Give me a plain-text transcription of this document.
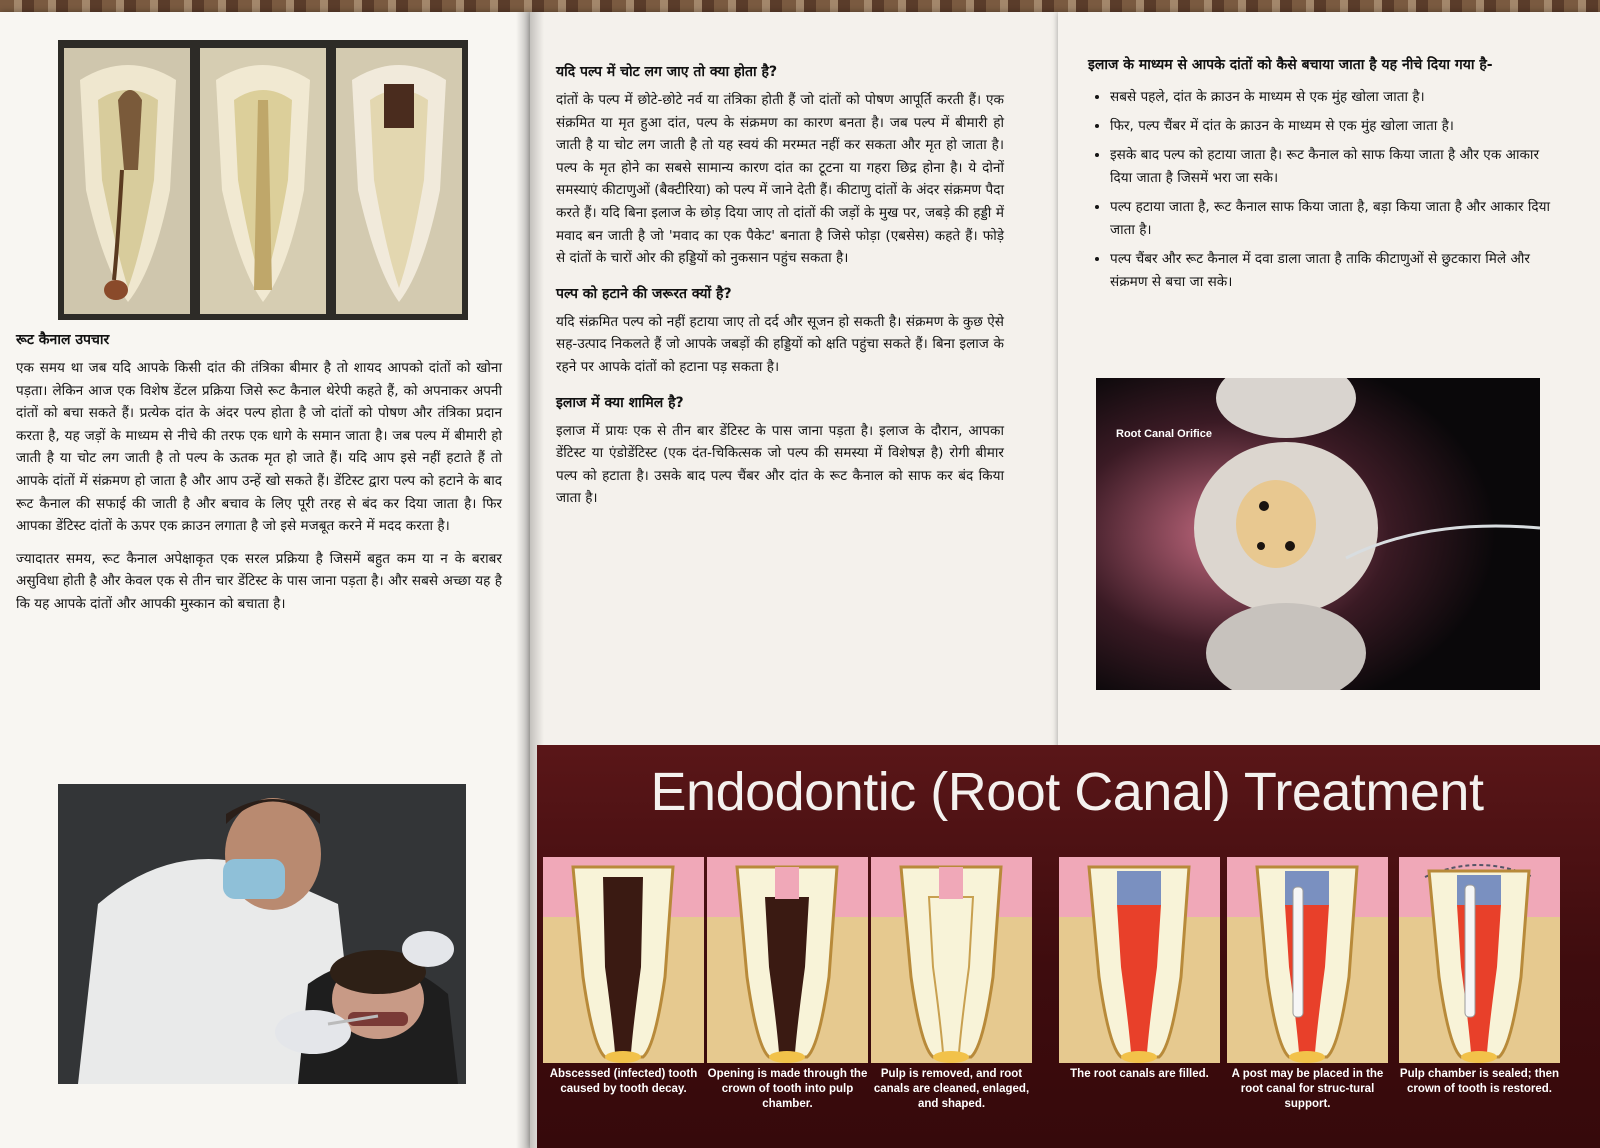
रूट कैनाल उपचार

एक समय था जब यदि आपके किसी दांत की तंत्रिका बीमार है तो शायद आपको दांतों को खोना पड़ता। लेकिन आज एक विशेष डेंटल प्रक्रिया जिसे रूट कैनाल थेरेपी कहते हैं, को अपनाकर अपनी दांतों को बचा सकते हैं। प्रत्येक दांत के अंदर पल्प होता है जो दांतों को पोषण और तंत्रिका प्रदान करता है, यह जड़ों के माध्यम से नीचे की तरफ एक धागे के समान जाता है। जब पल्प में बीमारी हो जाती है या चोट लग जाती है तो पल्प के ऊतक मृत हो जाते हैं। यदि आप इसे नहीं हटाते हैं तो आपके दांतों में संक्रमण हो जाता है और आप उन्हें खो सकते हैं। डेंटिस्ट द्वारा पल्प को हटाने के बाद रूट कैनाल की सफाई की जाती है और बचाव के लिए पूरी तरह से बंद कर दिया जाता है। फिर आपका डेंटिस्ट दांतों के ऊपर एक क्राउन लगाता है जो इसे मजबूत करने में मदद करता है।

ज्यादातर समय, रूट कैनाल अपेक्षाकृत एक सरल प्रक्रिया है जिसमें बहुत कम या न के बराबर असुविधा होती है और केवल एक से तीन चार डेंटिस्ट के पास जाना पड़ता है। और सबसे अच्छा यह है कि यह आपके दांतों और आपकी मुस्कान को बचाता है।

यदि पल्प में चोट लग जाए तो क्या होता है?

दांतों के पल्प में छोटे-छोटे नर्व या तंत्रिका होती हैं जो दांतों को पोषण आपूर्ति करती हैं। एक संक्रमित या मृत हुआ दांत, पल्प के संक्रमण का कारण बनता है। जब पल्प में बीमारी हो जाती है या चोट लग जाती है तो यह स्वयं की मरम्मत नहीं कर सकता और मृत हो जाता है। पल्प के मृत होने का सबसे सामान्य कारण दांत का टूटना या गहरा छिद्र होना है। ये दोनों समस्याएं कीटाणुओं (बैक्टीरिया) को पल्प में जाने देती हैं। कीटाणु दांतों के अंदर संक्रमण पैदा करते हैं। यदि बिना इलाज के छोड़ दिया जाए तो दांतों की जड़ों के मुख पर, जबड़े की हड्डी में मवाद बन जाती है जो 'मवाद का एक पैकेट' बनाता है जिसे फोड़ा (एबसेस) कहते हैं। फोड़े से दांतों के चारों ओर की हड्डियों को नुकसान पहुंच सकता है।

पल्प को हटाने की जरूरत क्यों है?

यदि संक्रमित पल्प को नहीं हटाया जाए तो दर्द और सूजन हो सकती है। संक्रमण के कुछ ऐसे सह-उत्पाद निकलते हैं जो आपके जबड़ों की हड्डियों को क्षति पहुंचा सकते हैं। बिना इलाज के रहने पर आपके दांतों को हटाना पड़ सकता है।

इलाज में क्या शामिल है?

इलाज में प्रायः एक से तीन बार डेंटिस्ट के पास जाना पड़ता है। इलाज के दौरान, आपका डेंटिस्ट या एंडोडेंटिस्ट (एक दंत-चिकित्सक जो पल्प की समस्या में विशेषज्ञ है) रोगी बीमार पल्प को हटाता है। उसके बाद पल्प चैंबर और दांत के रूट कैनाल को साफ कर बंद किया जाता है।

इलाज के माध्यम से आपके दांतों को कैसे बचाया जाता है यह नीचे दिया गया है-

• सबसे पहले, दांत के क्राउन के माध्यम से एक मुंह खोला जाता है।
• फिर, पल्प चैंबर में दांत के क्राउन के माध्यम से एक मुंह खोला जाता है।
• इसके बाद पल्प को हटाया जाता है। रूट कैनाल को साफ किया जाता है और एक आकार दिया जाता है जिसमें भरा जा सके।
• पल्प हटाया जाता है, रूट कैनाल साफ किया जाता है, बड़ा किया जाता है और आकार दिया जाता है।
• पल्प चैंबर और रूट कैनाल में दवा डाला जाता है ताकि कीटाणुओं से छुटकारा मिले और संक्रमण से बचा जा सके।
Root Canal Orifice
Endodontic (Root Canal) Treatment
Abscessed (infected) tooth caused by tooth decay.
Opening is made through the crown of tooth into pulp chamber.
Pulp is removed, and root canals are cleaned, enlaged, and shaped.
The root canals are filled.	A post may be placed in the root canal for struc-tural support.
Pulp chamber is sealed; then crown of tooth is restored.
